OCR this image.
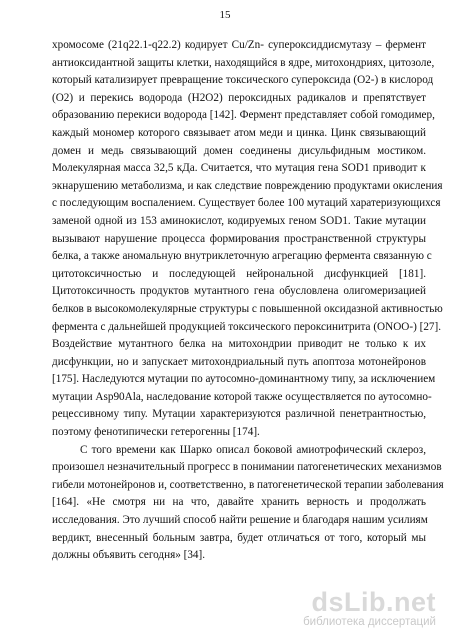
15

хромосоме (21q22.1-q22.2) кодирует Cu/Zn- супероксиддисмутазу – фермент
антиоксидантной защиты клетки, находящийся в ядре, митохондриях, цитозоле,
который катализирует превращение токсического супероксида (O2-) в кислород
(O2) и перекись водорода (H2O2) пероксидных радикалов и препятствует
образованию перекиси водорода [142]. Фермент представляет собой гомодимер,
каждый мономер которого связывает атом меди и цинка. Цинк связывающий
домен и медь связывающий домен соединены дисульфидным мостиком.
Молекулярная масса 32,5 кДа. Считается, что мутация гена SOD1 приводит к
экнарушению метаболизма, и как следствие повреждению продуктами окисления
с последующим воспалением. Существует более 100 мутаций харатеризующихся
заменой одной из 153 аминокислот, кодируемых геном SOD1. Такие мутации
вызывают нарушение процесса формирования пространственной структуры
белка, а также аномальную внутриклеточную агрегацию фермента связанную с
цитотоксичностью и последующей нейрональной дисфункцией [181].
Цитотоксичность продуктов мутантного гена обусловлена олигомеризацией
белков в высокомолекулярные структуры с повышенной оксидазной активностью
фермента с дальнейшей продукцией токсического пероксинитрита (ONOO-) [27].
Воздействие мутантного белка на митохондрии приводит не только к их
дисфункции, но и запускает митохондриальный путь апоптоза мотонейронов
[175]. Наследуются мутации по аутосомно-доминантному типу, за исключением
мутации Asp90Ala, наследование которой также осуществляется по аутосомно-
рецессивному типу. Мутации характеризуются различной пенетрантностью,
поэтому фенотипически гетерогенны [174].

С того времени как Шарко описал боковой амиотрофический склероз,
произошел незначительный прогресс в понимании патогенетических механизмов
гибели мотонейронов и, соответственно, в патогенетической терапии заболевания
[164]. «Не смотря ни на что, давайте хранить верность и продолжать
исследования. Это лучший способ найти решение и благодаря нашим усилиям
вердикт, внесенный больным завтра, будет отличаться от того, который мы
должны объявить сегодня» [34].

dsLib.net
библиотека диссертаций
